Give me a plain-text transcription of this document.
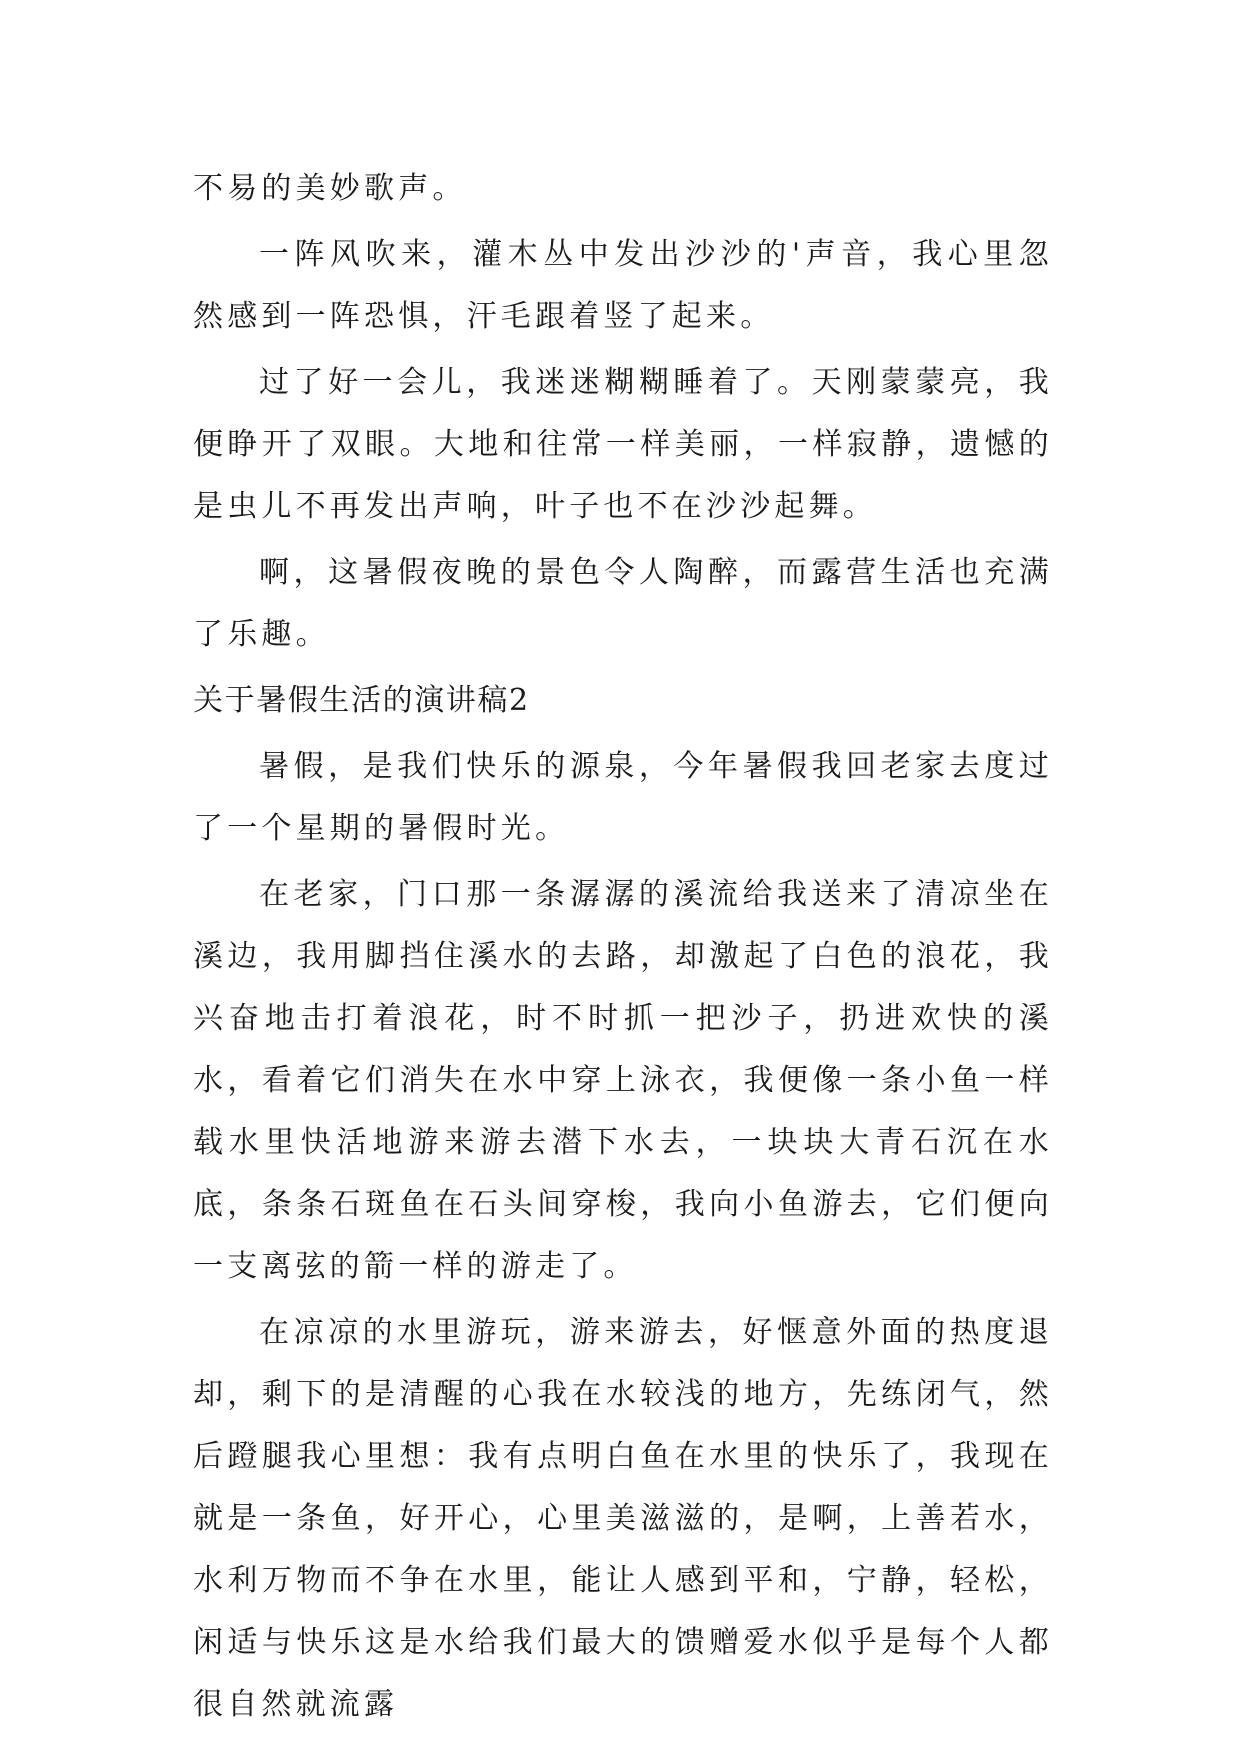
不易的美妙歌声。

一阵风吹来，灌木丛中发出沙沙的'声音，我心里忽然感到一阵恐惧，汗毛跟着竖了起来。

过了好一会儿，我迷迷糊糊睡着了。天刚蒙蒙亮，我便睁开了双眼。大地和往常一样美丽，一样寂静，遗憾的是虫儿不再发出声响，叶子也不在沙沙起舞。

啊，这暑假夜晚的景色令人陶醉，而露营生活也充满了乐趣。

关于暑假生活的演讲稿2

暑假，是我们快乐的源泉，今年暑假我回老家去度过了一个星期的暑假时光。

在老家，门口那一条潺潺的溪流给我送来了清凉坐在溪边，我用脚挡住溪水的去路，却激起了白色的浪花，我兴奋地击打着浪花，时不时抓一把沙子，扔进欢快的溪水，看着它们消失在水中穿上泳衣，我便像一条小鱼一样载水里快活地游来游去潜下水去，一块块大青石沉在水底，条条石斑鱼在石头间穿梭，我向小鱼游去，它们便向一支离弦的箭一样的游走了。

在凉凉的水里游玩，游来游去，好惬意外面的热度退却，剩下的是清醒的心我在水较浅的地方，先练闭气，然后蹬腿我心里想：我有点明白鱼在水里的快乐了，我现在就是一条鱼，好开心，心里美滋滋的，是啊，上善若水，水利万物而不争在水里，能让人感到平和，宁静，轻松，闲适与快乐这是水给我们最大的馈赠爱水似乎是每个人都很自然就流露
